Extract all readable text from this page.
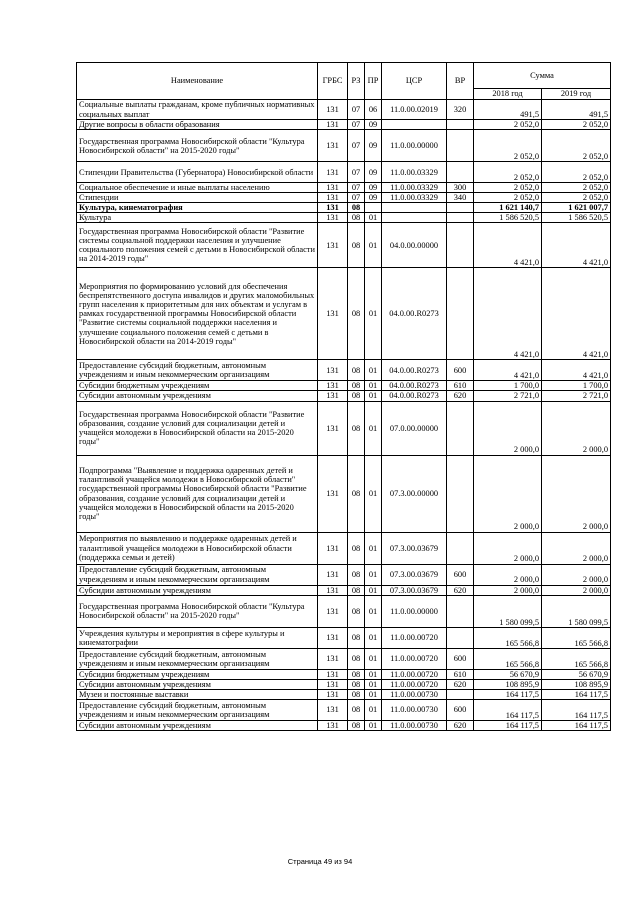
Наименование	ГРБС	РЗ	ПР	ЦСР	ВР	Сумма	
						2018 год	2019 год
Социальные выплаты гражданам, кроме публичных нормативных социальных выплат	131	07	06	11.0.00.02019	320	491,5	491,5
Другие вопросы в области образования	131	07	09			2 052,0	2 052,0
Государственная программа Новосибирской области "Культура Новосибирской области" на 2015-2020 годы"	131	07	09	11.0.00.00000		2 052,0	2 052,0
Стипендии Правительства (Губернатора) Новосибирской области	131	07	09	11.0.00.03329		2 052,0	2 052,0
Социальное обеспечение и иные выплаты населению	131	07	09	11.0.00.03329	300	2 052,0	2 052,0
Стипендии	131	07	09	11.0.00.03329	340	2 052,0	2 052,0
Культура, кинематография	131	08				1 621 140,7	1 621 007,7
Культура	131	08	01			1 586 520,5	1 586 520,5
Государственная программа Новосибирской области "Развитие системы социальной поддержки населения и улучшение социального положения семей с детьми в Новосибирской области на 2014-2019 годы"	131	08	01	04.0.00.00000		4 421,0	4 421,0
Мероприятия по формированию условий для обеспечения беспрепятственного доступа инвалидов и других маломобильных групп населения к приоритетным для них объектам и услугам в рамках государственной программы Новосибирской области "Развитие системы социальной поддержки населения и улучшение социального положения семей с детьми в Новосибирской области на 2014-2019 годы"	131	08	01	04.0.00.R0273		4 421,0	4 421,0
Предоставление субсидий бюджетным, автономным учреждениям и иным некоммерческим организациям	131	08	01	04.0.00.R0273	600	4 421,0	4 421,0
Субсидии бюджетным учреждениям	131	08	01	04.0.00.R0273	610	1 700,0	1 700,0
Субсидии автономным учреждениям	131	08	01	04.0.00.R0273	620	2 721,0	2 721,0
Государственная программа Новосибирской области "Развитие образования, создание условий для социализации детей и учащейся молодежи в Новосибирской области на 2015-2020 годы"	131	08	01	07.0.00.00000		2 000,0	2 000,0
Подпрограмма "Выявление и поддержка одаренных детей и талантливой учащейся молодежи в Новосибирской области" государственной программы Новосибирской области "Развитие образования, создание условий для социализации детей и учащейся молодежи в Новосибирской области на 2015-2020 годы"	131	08	01	07.3.00.00000		2 000,0	2 000,0
Мероприятия по выявлению и поддержке одаренных детей и талантливой учащейся молодежи в Новосибирской области (поддержка семьи и детей)	131	08	01	07.3.00.03679		2 000,0	2 000,0
Предоставление субсидий бюджетным, автономным учреждениям и иным некоммерческим организациям	131	08	01	07.3.00.03679	600	2 000,0	2 000,0
Субсидии автономным учреждениям	131	08	01	07.3.00.03679	620	2 000,0	2 000,0
Государственная программа Новосибирской области "Культура Новосибирской области" на 2015-2020 годы"	131	08	01	11.0.00.00000		1 580 099,5	1 580 099,5
Учреждения культуры и мероприятия в сфере культуры и кинематографии	131	08	01	11.0.00.00720		165 566,8	165 566,8
Предоставление субсидий бюджетным, автономным учреждениям и иным некоммерческим организациям	131	08	01	11.0.00.00720	600	165 566,8	165 566,8
Субсидии бюджетным учреждениям	131	08	01	11.0.00.00720	610	56 670,9	56 670,9
Субсидии автономным учреждениям	131	08	01	11.0.00.00720	620	108 895,9	108 895,9
Музеи и постоянные выставки	131	08	01	11.0.00.00730		164 117,5	164 117,5
Предоставление субсидий бюджетным, автономным учреждениям и иным некоммерческим организациям	131	08	01	11.0.00.00730	600	164 117,5	164 117,5
Субсидии автономным учреждениям	131	08	01	11.0.00.00730	620	164 117,5	164 117,5
Страница 49 из 94
